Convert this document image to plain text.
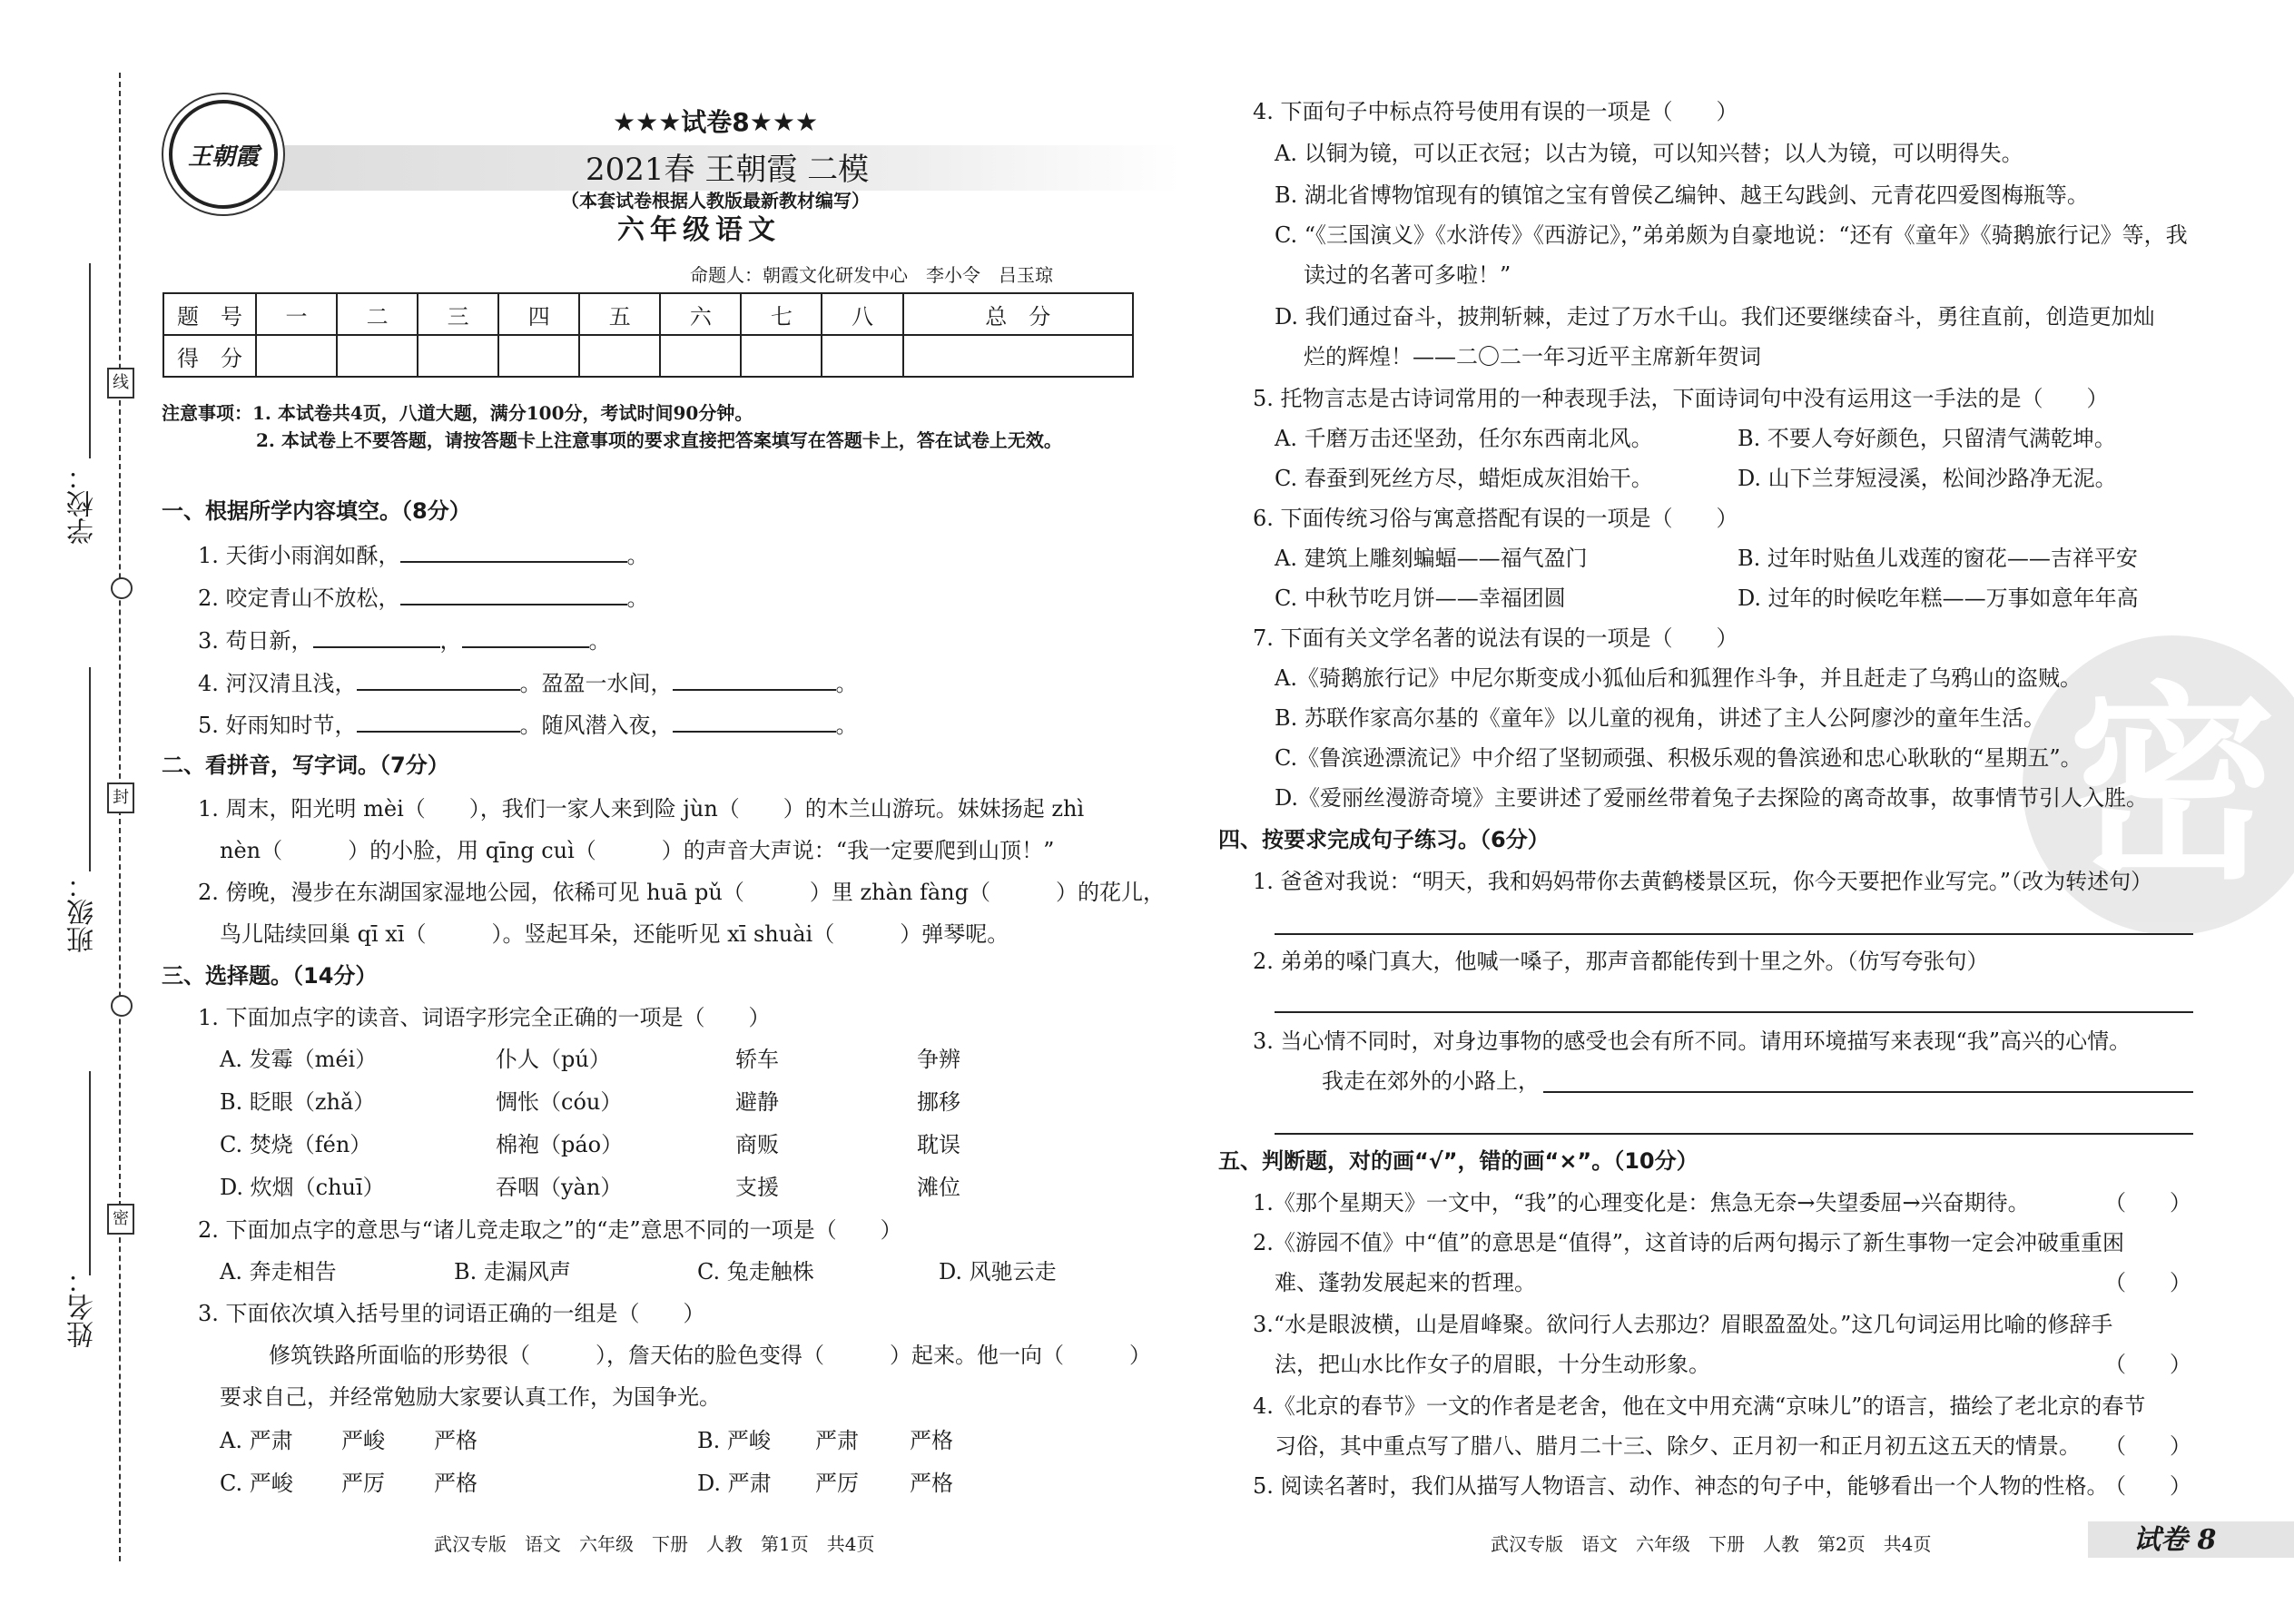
线
封
密
学校：
班级：
姓名：
王朝霞
★★★试卷8★★★
2021春 王朝霞 二模
（本套试卷根据人教版最新教材编写）
六年级语文
命题人：朝霞文化研发中心　李小令　吕玉琼
题　号	一	二	三	四	五	六	七	八	总　分
得　分									
注意事项：1. 本试卷共4页，八道大题，满分100分，考试时间90分钟。
2. 本试卷上不要答题，请按答题卡上注意事项的要求直接把答案填写在答题卡上，答在试卷上无效。
一、根据所学内容填空。（8分）
1. 天街小雨润如酥，	。
2. 咬定青山不放松，	。
3. 苟日新，	，	。
4. 河汉清且浅，	。盈盈一水间，	。
5. 好雨知时节，	。随风潜入夜，	。
二、看拼音，写字词。（7分）
1. 周末，阳光明 mèi（　　），我们一家人来到险 jùn（　　）的木兰山游玩。妹妹扬起 zhì
nèn（　　　）的小脸，用 qīng cuì（　　　）的声音大声说：“我一定要爬到山顶！”
2. 傍晚，漫步在东湖国家湿地公园，依稀可见 huā pǔ（　　　）里 zhàn fàng（　　　）的花儿，
鸟儿陆续回巢 qī xī（　　　）。竖起耳朵，还能听见 xī shuài（　　　）弹琴呢。
三、选择题。（14分）
1. 下面加点字的读音、词语字形完全正确的一项是（　　）
A. 发霉（méi）	仆人（pú）	轿车	争辨
B. 眨眼（zhǎ）	惆怅（cóu）	避静	挪移
C. 焚烧（fén）	棉袍（páo）	商贩	耽误
D. 炊烟（chuī）	吞咽（yàn）	支援	滩位
2. 下面加点字的意思与“诸儿竞走取之”的“走”意思不同的一项是（　　）
A. 奔走相告	B. 走漏风声	C. 兔走触株	D. 风驰云走
3. 下面依次填入括号里的词语正确的一组是（　　）
修筑铁路所面临的形势很（　　　），詹天佑的脸色变得（　　　）起来。他一向（　　　）
要求自己，并经常勉励大家要认真工作，为国争光。
A. 严肃 严峻 严格	B. 严峻 严肃 严格
C. 严峻 严厉 严格	D. 严肃 严厉 严格
武汉专版　语文　六年级　下册　人教　第1页　共4页
密
4. 下面句子中标点符号使用有误的一项是（　　）
A. 以铜为镜，可以正衣冠；以古为镜，可以知兴替；以人为镜，可以明得失。
B. 湖北省博物馆现有的镇馆之宝有曾侯乙编钟、越王勾践剑、元青花四爱图梅瓶等。
C. “《三国演义》《水浒传》《西游记》，”弟弟颇为自豪地说：“还有《童年》《骑鹅旅行记》等，我
读过的名著可多啦！”
D. 我们通过奋斗，披荆斩棘，走过了万水千山。我们还要继续奋斗，勇往直前，创造更加灿
烂的辉煌！——二〇二一年习近平主席新年贺词
5. 托物言志是古诗词常用的一种表现手法，下面诗词句中没有运用这一手法的是（　　）
A. 千磨万击还坚劲，任尔东西南北风。	B. 不要人夸好颜色，只留清气满乾坤。
C. 春蚕到死丝方尽，蜡炬成灰泪始干。	D. 山下兰芽短浸溪，松间沙路净无泥。
6. 下面传统习俗与寓意搭配有误的一项是（　　）
A. 建筑上雕刻蝙蝠——福气盈门	B. 过年时贴鱼儿戏莲的窗花——吉祥平安
C. 中秋节吃月饼——幸福团圆	D. 过年的时候吃年糕——万事如意年年高
7. 下面有关文学名著的说法有误的一项是（　　）
A.《骑鹅旅行记》中尼尔斯变成小狐仙后和狐狸作斗争，并且赶走了乌鸦山的盗贼。
B. 苏联作家高尔基的《童年》以儿童的视角，讲述了主人公阿廖沙的童年生活。
C.《鲁滨逊漂流记》中介绍了坚韧顽强、积极乐观的鲁滨逊和忠心耿耿的“星期五”。
D.《爱丽丝漫游奇境》主要讲述了爱丽丝带着兔子去探险的离奇故事，故事情节引人入胜。
四、按要求完成句子练习。（6分）
1. 爸爸对我说：“明天，我和妈妈带你去黄鹤楼景区玩，你今天要把作业写完。”（改为转述句）
2. 弟弟的嗓门真大，他喊一嗓子，那声音都能传到十里之外。（仿写夸张句）
3. 当心情不同时，对身边事物的感受也会有所不同。请用环境描写来表现“我”高兴的心情。
我走在郊外的小路上，
五、判断题，对的画“√”，错的画“×”。（10分）
1.《那个星期天》一文中，“我”的心理变化是：焦急无奈→失望委屈→兴奋期待。	（　　）
2.《游园不值》中“值”的意思是“值得”，这首诗的后两句揭示了新生事物一定会冲破重重困
难、蓬勃发展起来的哲理。	（　　）
3.“水是眼波横，山是眉峰聚。欲问行人去那边？眉眼盈盈处。”这几句词运用比喻的修辞手
法，把山水比作女子的眉眼，十分生动形象。	（　　）
4.《北京的春节》一文的作者是老舍，他在文中用充满“京味儿”的语言，描绘了老北京的春节
习俗，其中重点写了腊八、腊月二十三、除夕、正月初一和正月初五这五天的情景。 （　　）
5. 阅读名著时，我们从描写人物语言、动作、神态的句子中，能够看出一个人物的性格。
（　　）
武汉专版　语文　六年级　下册　人教　第2页　共4页	试卷 8
